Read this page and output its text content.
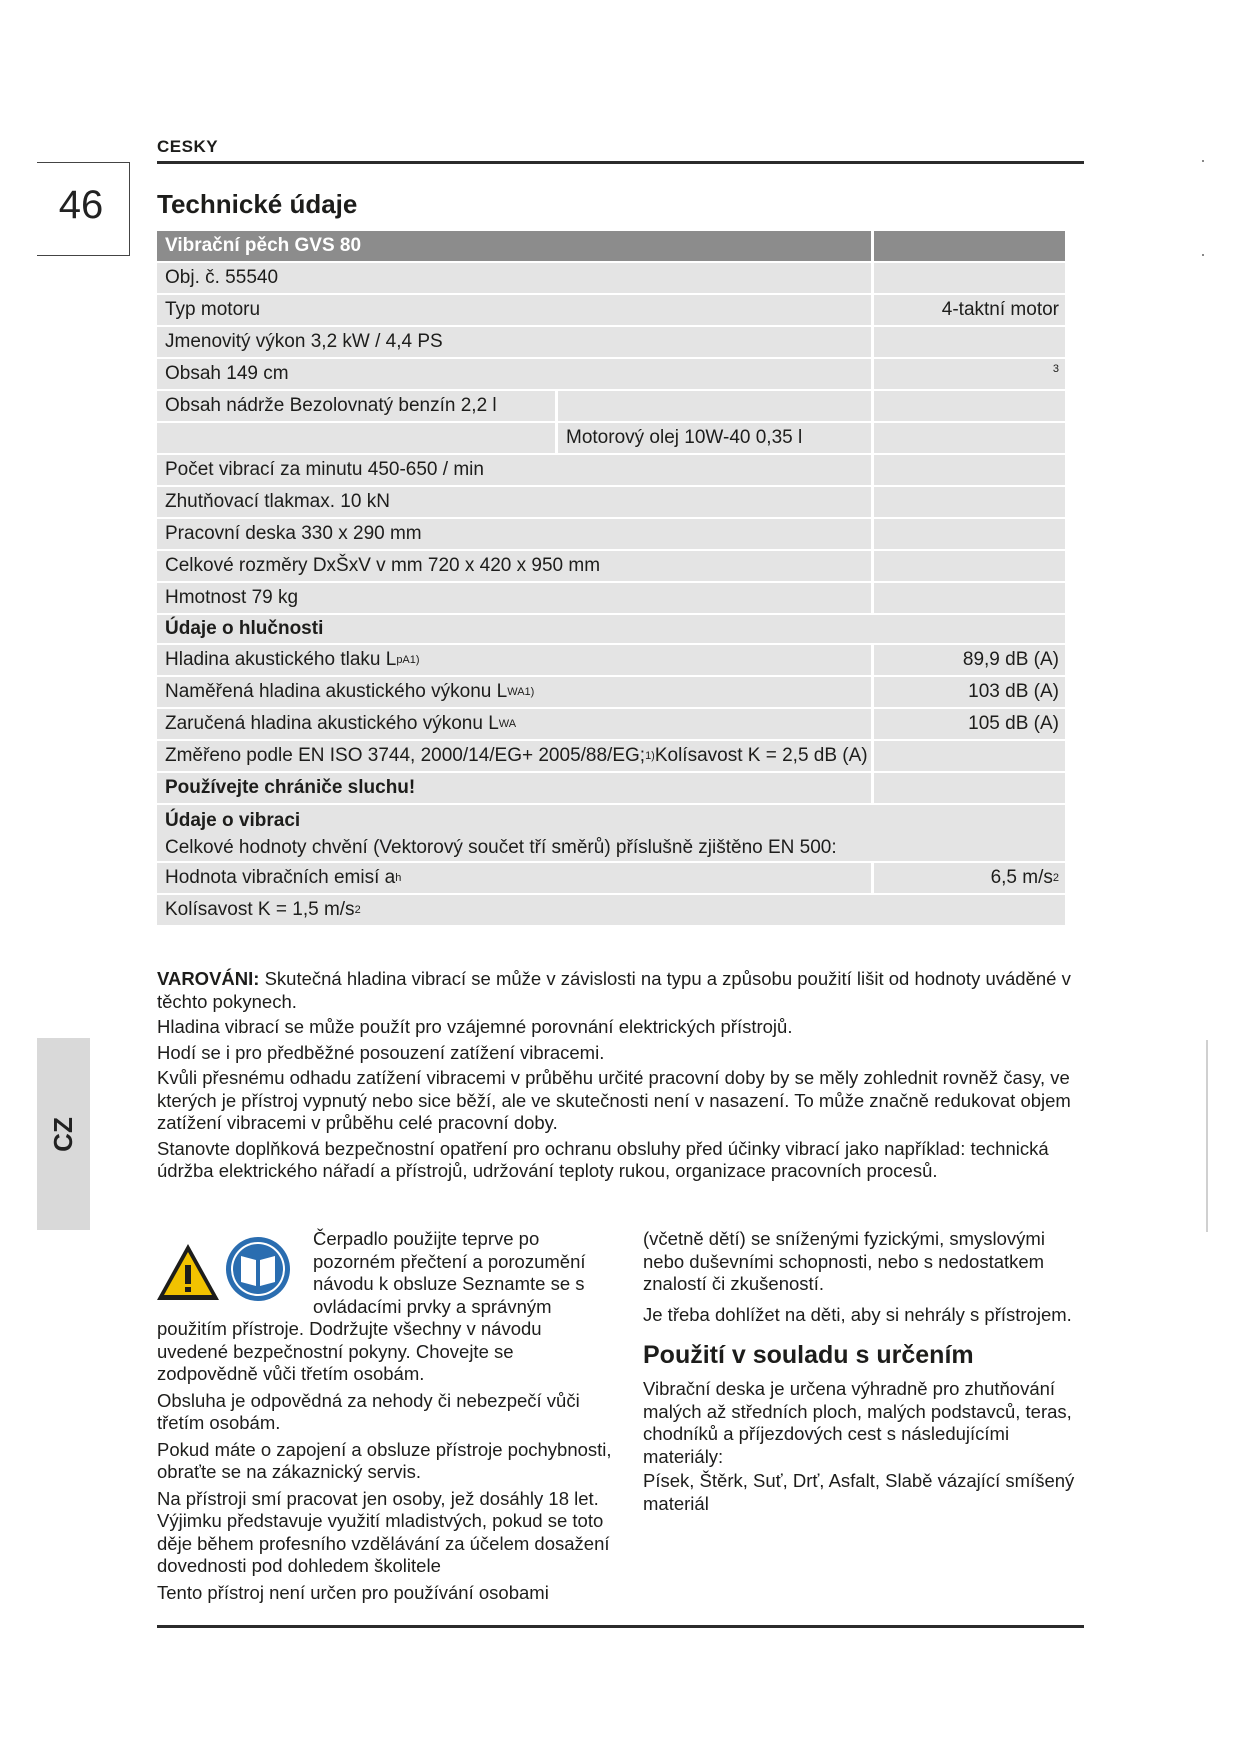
CESKY
46
CZ
Technické údaje
Vibrační pěch GVS 80
Obj. č. 55540
Typ motoru	4-taktní motor
Jmenovitý výkon 3,2 kW / 4,4 PS
Obsah 149 cm	3
Obsah nádrže Bezolovnatý benzín 2,2 l
Motorový olej 10W-40 0,35 l
Počet vibrací za minutu 450-650 / min
Zhutňovací tlakmax. 10 kN
Pracovní deska 330 x 290 mm
Celkové rozměry DxŠxV v mm 720 x 420 x 950 mm
Hmotnost 79 kg
Údaje o hlučnosti
Hladina akustického tlaku L pA 1)	89,9 dB (A)
Naměřená hladina akustického výkonu L WA 1)	103 dB (A)
Zaručená hladina akustického výkonu L WA	105 dB (A)
Změřeno podle EN ISO 3744, 2000/14/EG+ 2005/88/EG; 1) Kolísavost K = 2,5 dB (A)
Používejte chrániče sluchu!
Údaje o vibraci
Celkové hodnoty chvění (Vektorový součet tří směrů) příslušně zjištěno EN 500:
Hodnota vibračních emisí a h	6,5 m/s 2
Kolísavost K = 1,5 m/s 2

VAROVÁNI: Skutečná hladina vibrací se může v závislosti na typu a způsobu použití lišit od hodnoty uváděné v těchto pokynech.

Hladina vibrací se může použít pro vzájemné porovnání elektrických přístrojů.

Hodí se i pro předběžné posouzení zatížení vibracemi.

Kvůli přesnému odhadu zatížení vibracemi v průběhu určité pracovní doby by se měly zohlednit rovněž časy, ve kterých je přístroj vypnutý nebo sice běží, ale ve skutečnosti není v nasazení. To může značně redukovat objem zatížení vibracemi v průběhu celé pracovní doby.

Stanovte doplňková bezpečnostní opatření pro ochranu obsluhy před účinky vibrací jako například: technická údržba elektrického nářadí a přístrojů, udržování teploty rukou, organizace pracovních procesů.

Čerpadlo použijte teprve po pozorném přečtení a porozumění návodu k obsluze Seznamte se s ovládacími prvky a správným použitím přístroje. Dodržujte všechny v návodu uvedené bezpečnostní pokyny. Chovejte se zodpovědně vůči třetím osobám.

Obsluha je odpovědná za nehody či nebezpečí vůči třetím osobám.

Pokud máte o zapojení a obsluze přístroje pochybnosti, obraťte se na zákaznický servis.

Na přístroji smí pracovat jen osoby, jež dosáhly 18 let. Výjimku představuje využití mladistvých, pokud se toto děje během profesního vzdělávání za účelem dosažení dovednosti pod dohledem školitele

Tento přístroj není určen pro používání osobami

(včetně dětí) se sníženými fyzickými, smyslovými nebo duševními schopnosti, nebo s nedostatkem znalostí či zkušeností.

Je třeba dohlížet na děti, aby si nehrály s přístrojem.

Použití v souladu s určením

Vibrační deska je určena výhradně pro zhutňování malých až středních ploch, malých podstavců, teras, chodníků a příjezdových cest s následujícími materiály:

Písek, Štěrk, Suť, Drť, Asfalt, Slabě vázající smíšený materiál
